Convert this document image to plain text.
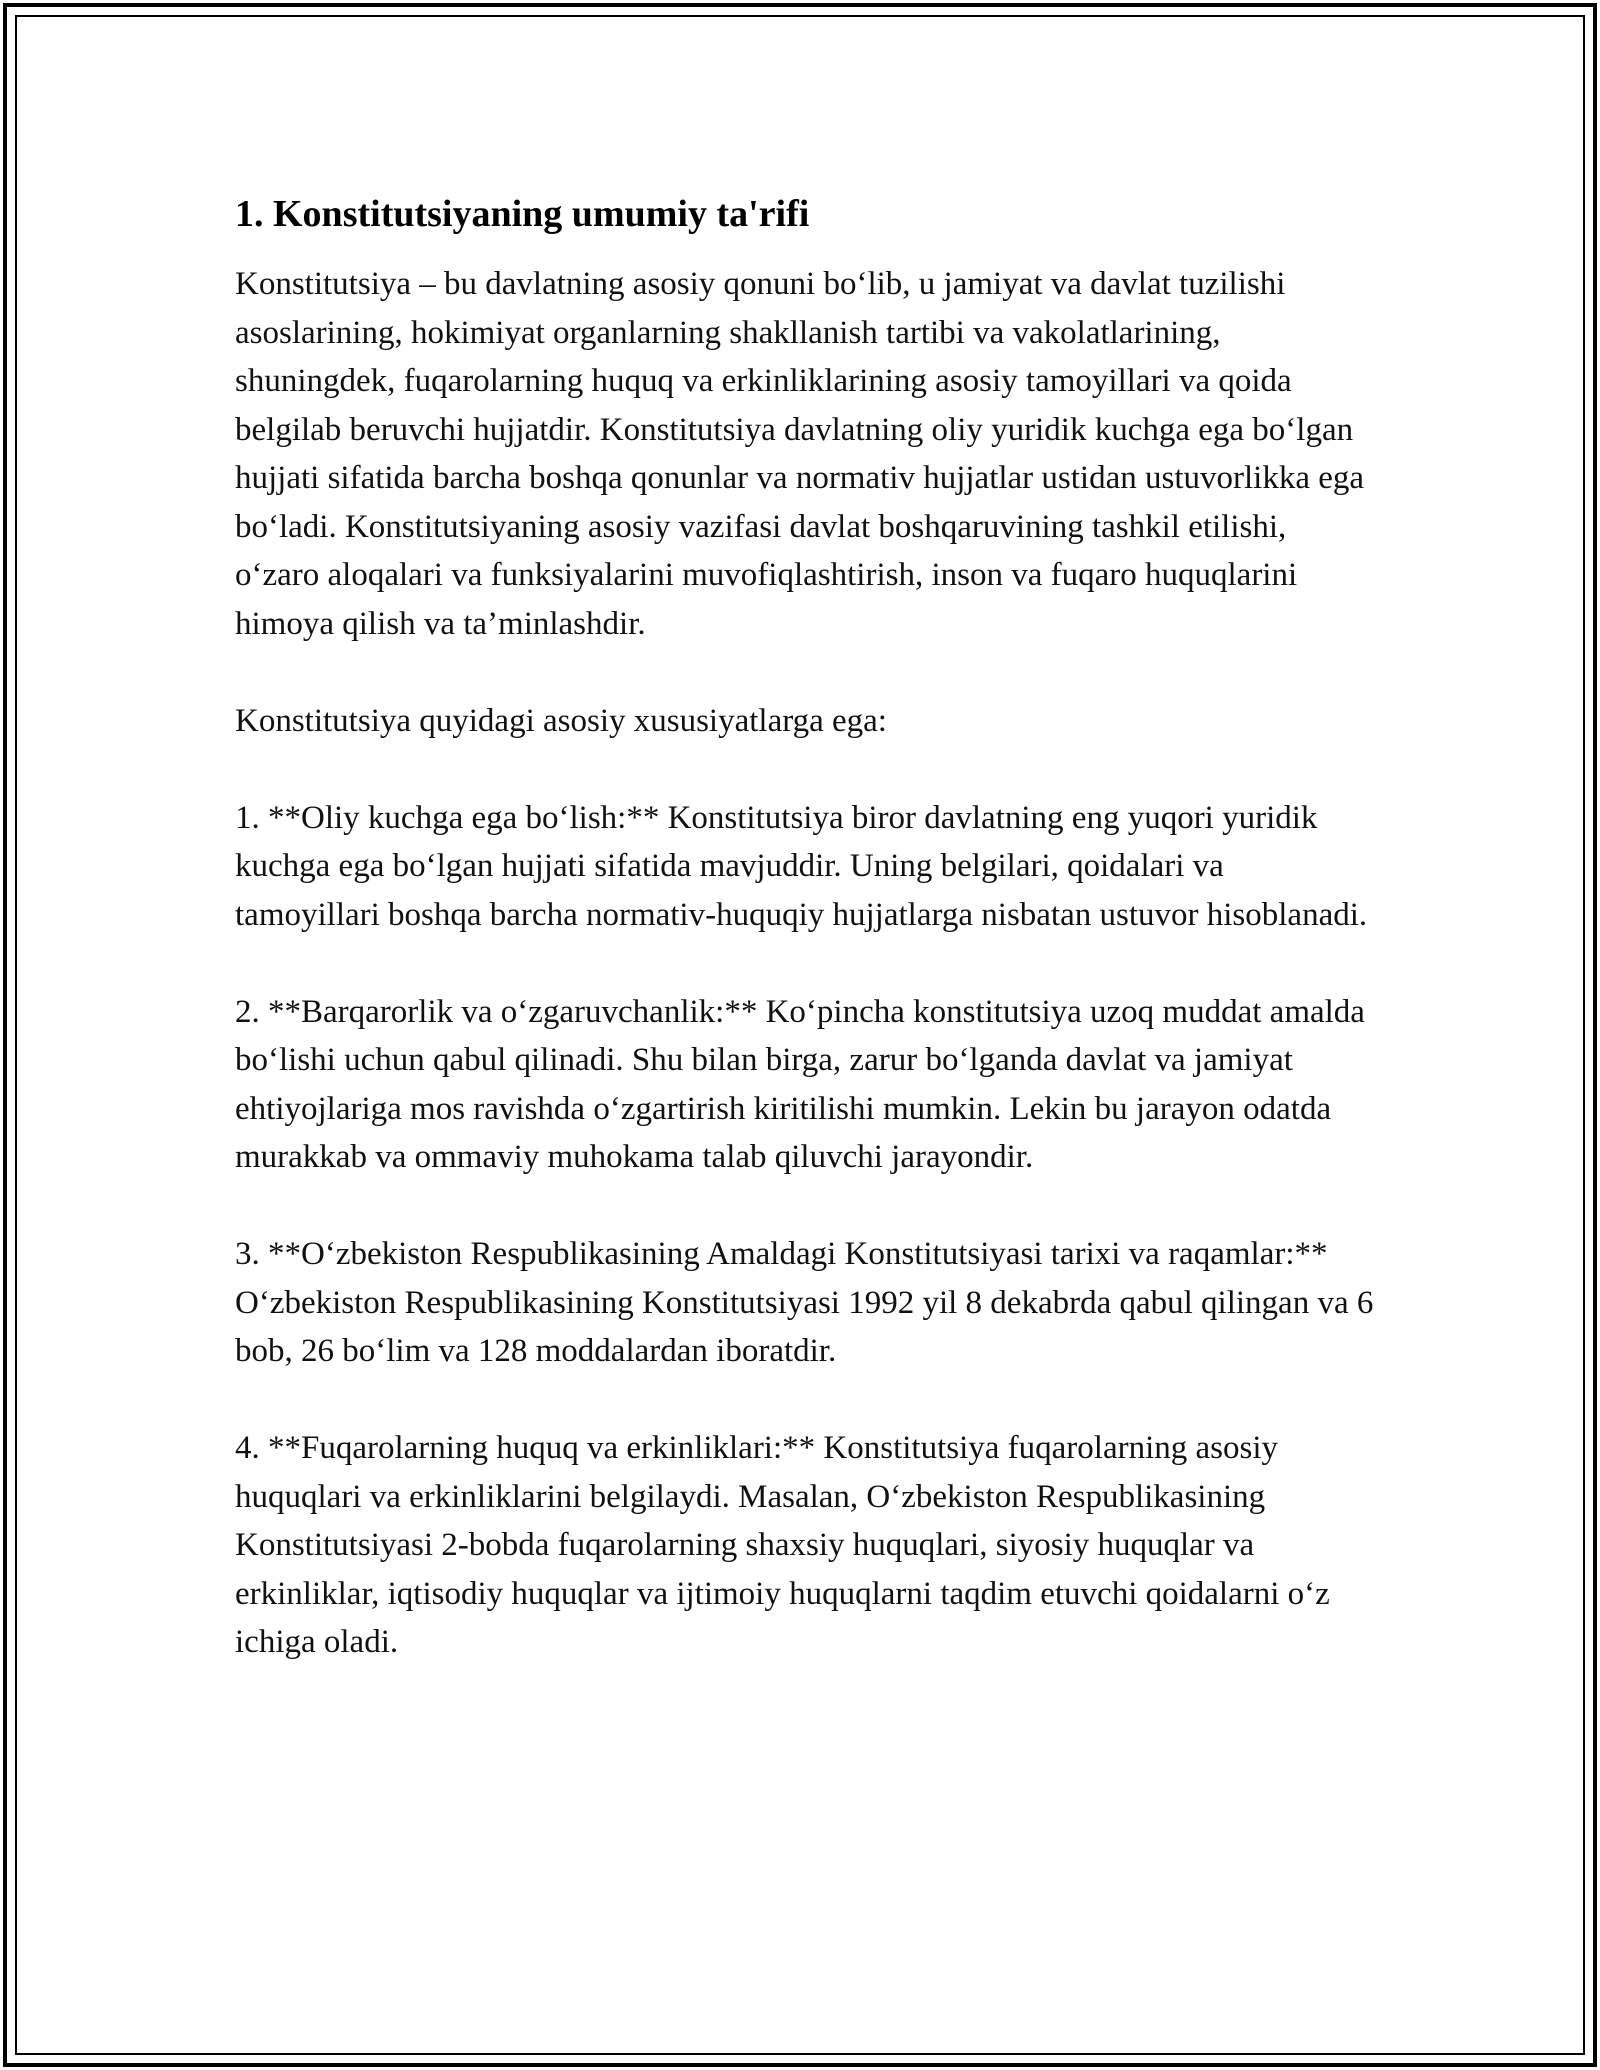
1. Konstitutsiyaning umumiy ta'rifi

Konstitutsiya – bu davlatning asosiy qonuni bo‘lib, u jamiyat va davlat tuzilishi asoslarining, hokimiyat organlarning shakllanish tartibi va vakolatlarining, shuningdek, fuqarolarning huquq va erkinliklarining asosiy tamoyillari va qoida belgilab beruvchi hujjatdir. Konstitutsiya davlatning oliy yuridik kuchga ega bo‘lgan hujjati sifatida barcha boshqa qonunlar va normativ hujjatlar ustidan ustuvorlikka ega bo‘ladi. Konstitutsiyaning asosiy vazifasi davlat boshqaruvining tashkil etilishi, o‘zaro aloqalari va funksiyalarini muvofiqlashtirish, inson va fuqaro huquqlarini himoya qilish va ta’minlashdir.

Konstitutsiya quyidagi asosiy xususiyatlarga ega:

1. **Oliy kuchga ega bo‘lish:** Konstitutsiya biror davlatning eng yuqori yuridik kuchga ega bo‘lgan hujjati sifatida mavjuddir. Uning belgilari, qoidalari va tamoyillari boshqa barcha normativ-huquqiy hujjatlarga nisbatan ustuvor hisoblanadi.

2. **Barqarorlik va o‘zgaruvchanlik:** Ko‘pincha konstitutsiya uzoq muddat amalda bo‘lishi uchun qabul qilinadi. Shu bilan birga, zarur bo‘lganda davlat va jamiyat ehtiyojlariga mos ravishda o‘zgartirish kiritilishi mumkin. Lekin bu jarayon odatda murakkab va ommaviy muhokama talab qiluvchi jarayondir.

3. **O‘zbekiston Respublikasining Amaldagi Konstitutsiyasi tarixi va raqamlar:** O‘zbekiston Respublikasining Konstitutsiyasi 1992 yil 8 dekabrda qabul qilingan va 6 bob, 26 bo‘lim va 128 moddalardan iboratdir.

4. **Fuqarolarning huquq va erkinliklari:** Konstitutsiya fuqarolarning asosiy huquqlari va erkinliklarini belgilaydi. Masalan, O‘zbekiston Respublikasining Konstitutsiyasi 2-bobda fuqarolarning shaxsiy huquqlari, siyosiy huquqlar va erkinliklar, iqtisodiy huquqlar va ijtimoiy huquqlarni taqdim etuvchi qoidalarni o‘z ichiga oladi.
